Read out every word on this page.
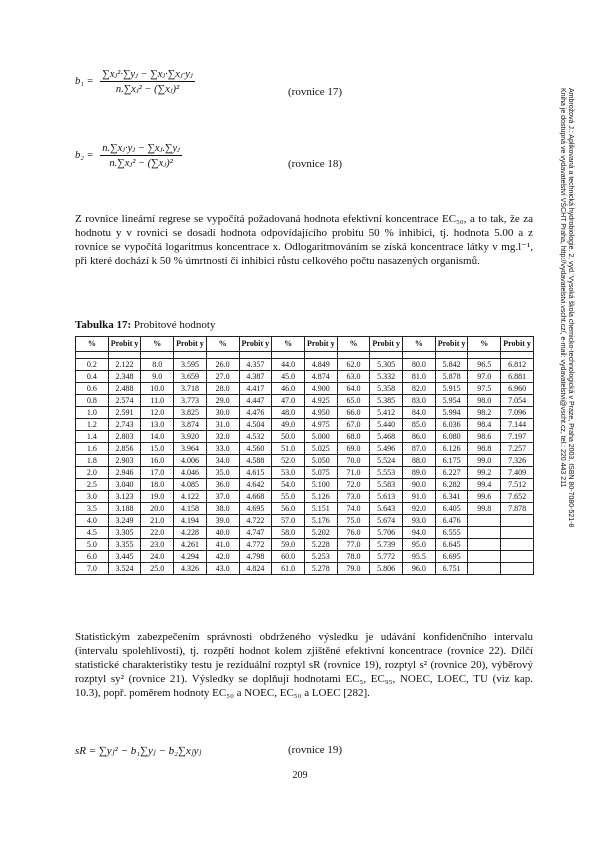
$b_1 = \frac{\text{∑xⱼ²·∑yⱼ − ∑xⱼ·∑xⱼ·yⱼ}}{\text{n.∑xⱼ² − (∑xⱼ)²}}$	(rovnice 17)
$b_2 = \frac{\text{n.∑xⱼ·yⱼ − ∑xⱼ.∑yⱼ}}{\text{n.∑xⱼ² − (∑xⱼ)²}}$	(rovnice 18)

Z rovnice lineární regrese se vypočítá požadovaná hodnota efektivní koncentrace EC₅₀, a to tak, že za hodnotu y v rovnici se dosadí hodnota odpovídajícího probitu 50 % inhibici, tj. hodnota 5.00 a z rovnice se vypočítá logaritmus koncentrace x. Odlogaritmováním se získá koncentrace látky v mg.l⁻¹, při které dochází k 50 % úmrtnosti či inhibici růstu celkového počtu nasazených organismů.

Tabulka 17: Probitové hodnoty
%	Probit y	%	Probit y	%	Probit y	%	Probit y	%	Probit y	%	Probit y	%	Probit y

0.2	2.122	8.0	3.595	26.0	4.357	44.0	4.849	62.0	5.305	80.0	5.842	96.5	6.812
0.4	2.348	9.0	3.659	27.0	4.387	45.0	4.874	63.0	5.332	81.0	5.878	97.0	6.881
0.6	2.488	10.0	3.718	28.0	4.417	46.0	4.900	64.0	5.358	82.0	5.915	97.5	6.960
0.8	2.574	11.0	3.773	29.0	4.447	47.0	4.925	65.0	5.385	83.0	5.954	98.0	7.054
1.0	2.591	12.0	3.825	30.0	4.476	48.0	4.950	66.0	5.412	84.0	5.994	98.2	7.096
1.2	2.743	13.0	3.874	31.0	4.504	49.0	4.975	67.0	5.440	85.0	6.036	98.4	7.144
1.4	2.803	14.0	3.920	32.0	4.532	50.0	5.000	68.0	5.468	86.0	6.080	98.6	7.197
1.6	2.856	15.0	3.964	33.0	4.560	51.0	5.025	69.0	5.496	87.0	6.126	98.8	7.257
1.8	2.903	16.0	4.006	34.0	4.588	52.0	5.050	70.0	5.524	88.0	6.175	99.0	7.326
2.0	2.946	17.0	4.046	35.0	4.615	53.0	5.075	71.0	5.553	89.0	6.227	99.2	7.409
2.5	3.040	18.0	4.085	36.0	4.642	54.0	5.100	72.0	5.583	90.0	6.282	99.4	7.512
3.0	3.123	19.0	4.122	37.0	4.668	55.0	5.126	73.0	5.613	91.0	6.341	99.6	7.652
3.5	3.188	20.0	4.158	38.0	4.695	56.0	5.151	74.0	5.643	92.0	6.405	99.8	7.878
4.0	3.249	21.0	4.194	39.0	4.722	57.0	5.176	75.0	5.674	93.0	6.476		
4.5	3.305	22.0	4.228	40.0	4.747	58.0	5.202	76.0	5.706	94.0	6.555		
5.0	3.355	23.0	4.261	41.0	4.772	59.0	5.228	77.0	5.739	95.0	6.645		
6.0	3.445	24.0	4.294	42.0	4.798	60.0	5.253	78.0	5.772	95.5	6.695		
7.0	3.524	25.0	4.326	43.0	4.824	61.0	5.278	79.0	5.806	96.0	6.751		

Statistickým zabezpečením správnosti obdrženého výsledku je udávání konfidenčního intervalu (intervalu spolehlivosti), tj. rozpětí hodnot kolem zjištěné efektivní koncentrace (rovnice 22). Dílčí statistické charakteristiky testu je reziduální rozptyl sR (rovnice 19), rozptyl s² (rovnice 20), výběrový rozptyl sy² (rovnice 21). Výsledky se doplňují hodnotami EC₅, EC₉₅, NOEC, LOEC, TU (viz kap. 10.3), popř. poměrem hodnoty EC₅₀ a NOEC, EC₅₀ a LOEC [282].

sR = ∑yⱼ² − b₁∑yⱼ − b₂∑xⱼyⱼ	(rovnice 19)
209
Ambrožová J.: Aplikovaná a technická hydrobiologie. 2. vyd. Vysoká škola chemicko-technologická v Praze, Praha 2003. ISBN 80-7080-521-8 Kniha je dostupná ve vydavatelství VŠCHT Praha, http://vydavatelstvi.vscht.cz/, e-mail: vydavatelstvi@vscht.cz, tel.: 220 443 211
